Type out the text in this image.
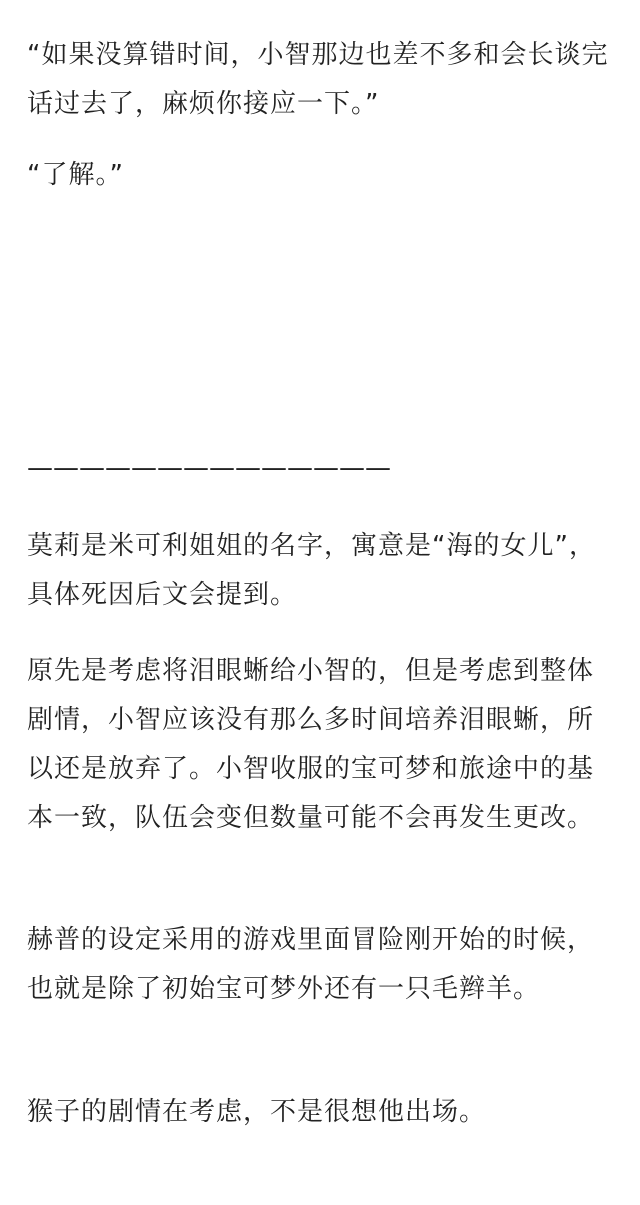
“如果没算错时间，小智那边也差不多和会长谈完话过去了，麻烦你接应一下。”

“了解。”

——————————————

莫莉是米可利姐姐的名字，寓意是“海的女儿”，具体死因后文会提到。

原先是考虑将泪眼蜥给小智的，但是考虑到整体剧情，小智应该没有那么多时间培养泪眼蜥，所以还是放弃了。小智收服的宝可梦和旅途中的基本一致，队伍会变但数量可能不会再发生更改。

赫普的设定采用的游戏里面冒险刚开始的时候，也就是除了初始宝可梦外还有一只毛辫羊。

猴子的剧情在考虑，不是很想他出场。
